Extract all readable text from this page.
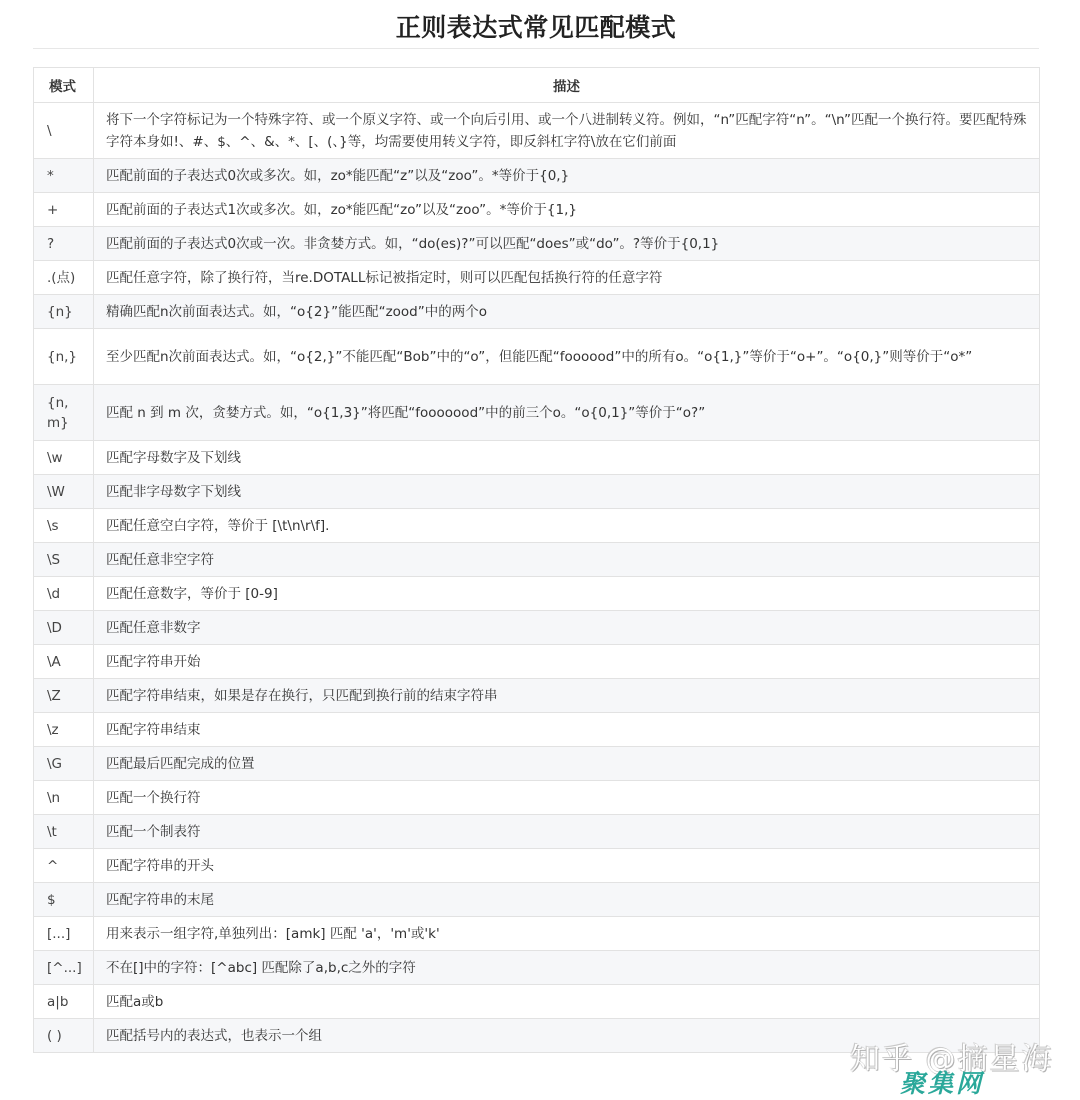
正则表达式常见匹配模式
模式	描述
\	将下一个字符标记为一个特殊字符、或一个原义字符、或一个向后引用、或一个八进制转义符。例如，“n”匹配字符“n”。“\n”匹配一个换行符。要匹配特殊字符本身如!、#、$、^、&、*、[、(、}等，均需要使用转义字符，即反斜杠字符\放在它们前面
*	匹配前面的子表达式0次或多次。如，zo*能匹配“z”以及“zoo”。*等价于{0,}
+	匹配前面的子表达式1次或多次。如，zo*能匹配“zo”以及“zoo”。*等价于{1,}
?	匹配前面的子表达式0次或一次。非贪婪方式。如，“do(es)?”可以匹配“does”或“do”。?等价于{0,1}
.(点)	匹配任意字符，除了换行符，当re.DOTALL标记被指定时，则可以匹配包括换行符的任意字符
{n}	精确匹配n次前面表达式。如，“o{2}”能匹配“zood”中的两个o
{n,}	至少匹配n次前面表达式。如，“o{2,}”不能匹配“Bob”中的“o”，但能匹配“foooood”中的所有o。“o{1,}”等价于“o+”。“o{0,}”则等价于“o*”
{n, m}	匹配 n 到 m 次，贪婪方式。如，“o{1,3}”将匹配“fooooood”中的前三个o。“o{0,1}”等价于“o?”
\w	匹配字母数字及下划线
\W	匹配非字母数字下划线
\s	匹配任意空白字符，等价于 [\t\n\r\f].
\S	匹配任意非空字符
\d	匹配任意数字，等价于 [0-9]
\D	匹配任意非数字
\A	匹配字符串开始
\Z	匹配字符串结束，如果是存在换行，只匹配到换行前的结束字符串
\z	匹配字符串结束
\G	匹配最后匹配完成的位置
\n	匹配一个换行符
\t	匹配一个制表符
^	匹配字符串的开头
$	匹配字符串的末尾
[...]	用来表示一组字符,单独列出：[amk] 匹配 'a'，'m'或'k'
[^...]	不在[]中的字符：[^abc] 匹配除了a,b,c之外的字符
a|b	匹配a或b
( )	匹配括号内的表达式，也表示一个组
知乎 @摘星海
聚集网
